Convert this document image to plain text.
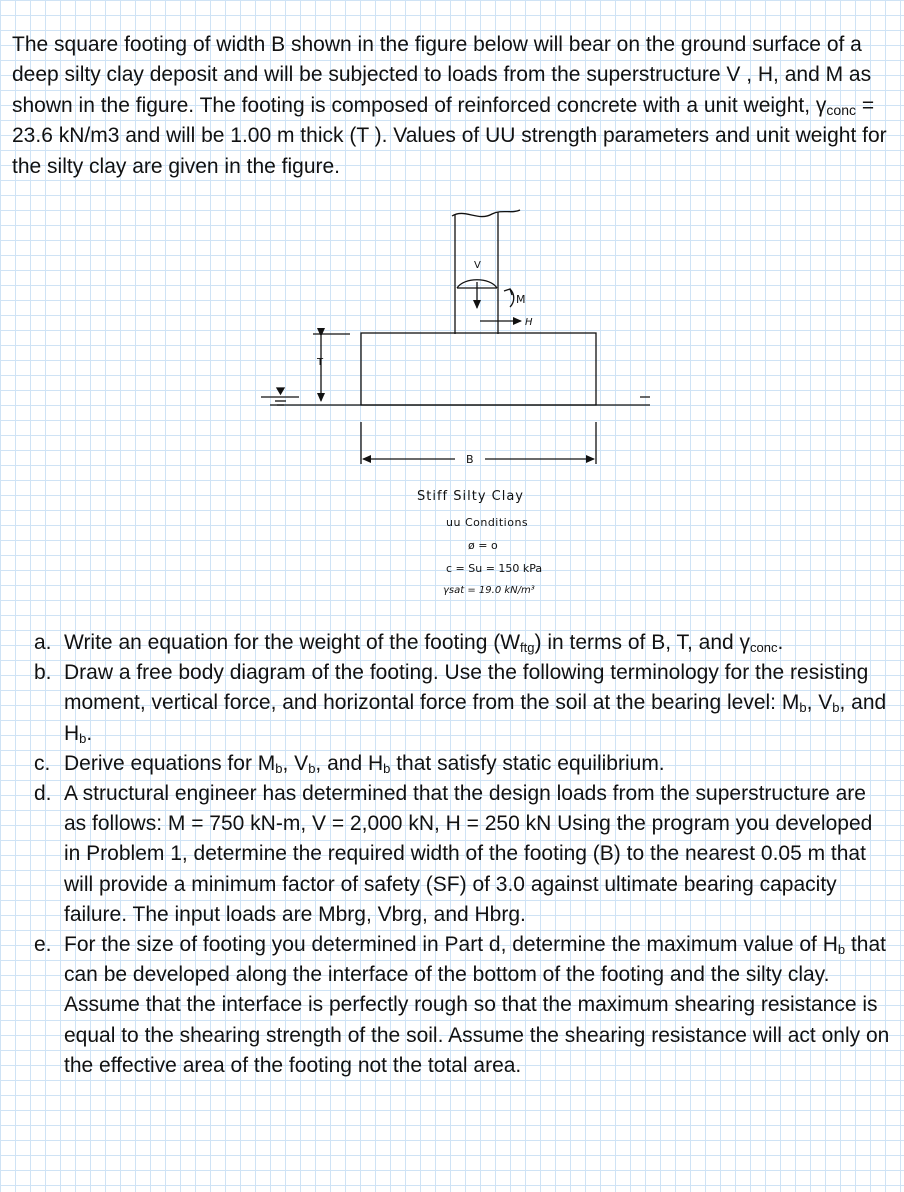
The square footing of width B shown in the figure below will bear on the ground surface of a deep silty clay deposit and will be subjected to loads from the superstructure V , H, and M as shown in the figure. The footing is composed of reinforced concrete with a unit weight, $\gamma_{conc} = 23.6$ kN/m3 and will be 1.00 m thick (T ). Values of UU strength parameters and unit weight for the silty clay are given in the figure.

V
M
H
T
B
Stiff Silty Clay
uu Conditions
ø = o
c = Su = 150 kPa
γsat = 19.0 kN/m³
a. Write an equation for the weight of the footing $(W_{ftg})$ in terms of B, T, and $\gamma_{conc}$.
b. Draw a free body diagram of the footing. Use the following terminology for the resisting moment, vertical force, and horizontal force from the soil at the bearing level: $M_b$, $V_b$, and $H_b$.
c. Derive equations for $M_b$, $V_b$, and $H_b$ that satisfy static equilibrium.
d. A structural engineer has determined that the design loads from the superstructure are as follows: M = 750 kN-m, V = 2,000 kN, H = 250 kN Using the program you developed in Problem 1, determine the required width of the footing (B) to the nearest 0.05 m that will provide a minimum factor of safety (SF) of 3.0 against ultimate bearing capacity failure. The input loads are Mbrg, Vbrg, and Hbrg.
e. For the size of footing you determined in Part d, determine the maximum value of $H_b$ that can be developed along the interface of the bottom of the footing and the silty clay. Assume that the interface is perfectly rough so that the maximum shearing resistance is equal to the shearing strength of the soil. Assume the shearing resistance will act only on the effective area of the footing not the total area.
